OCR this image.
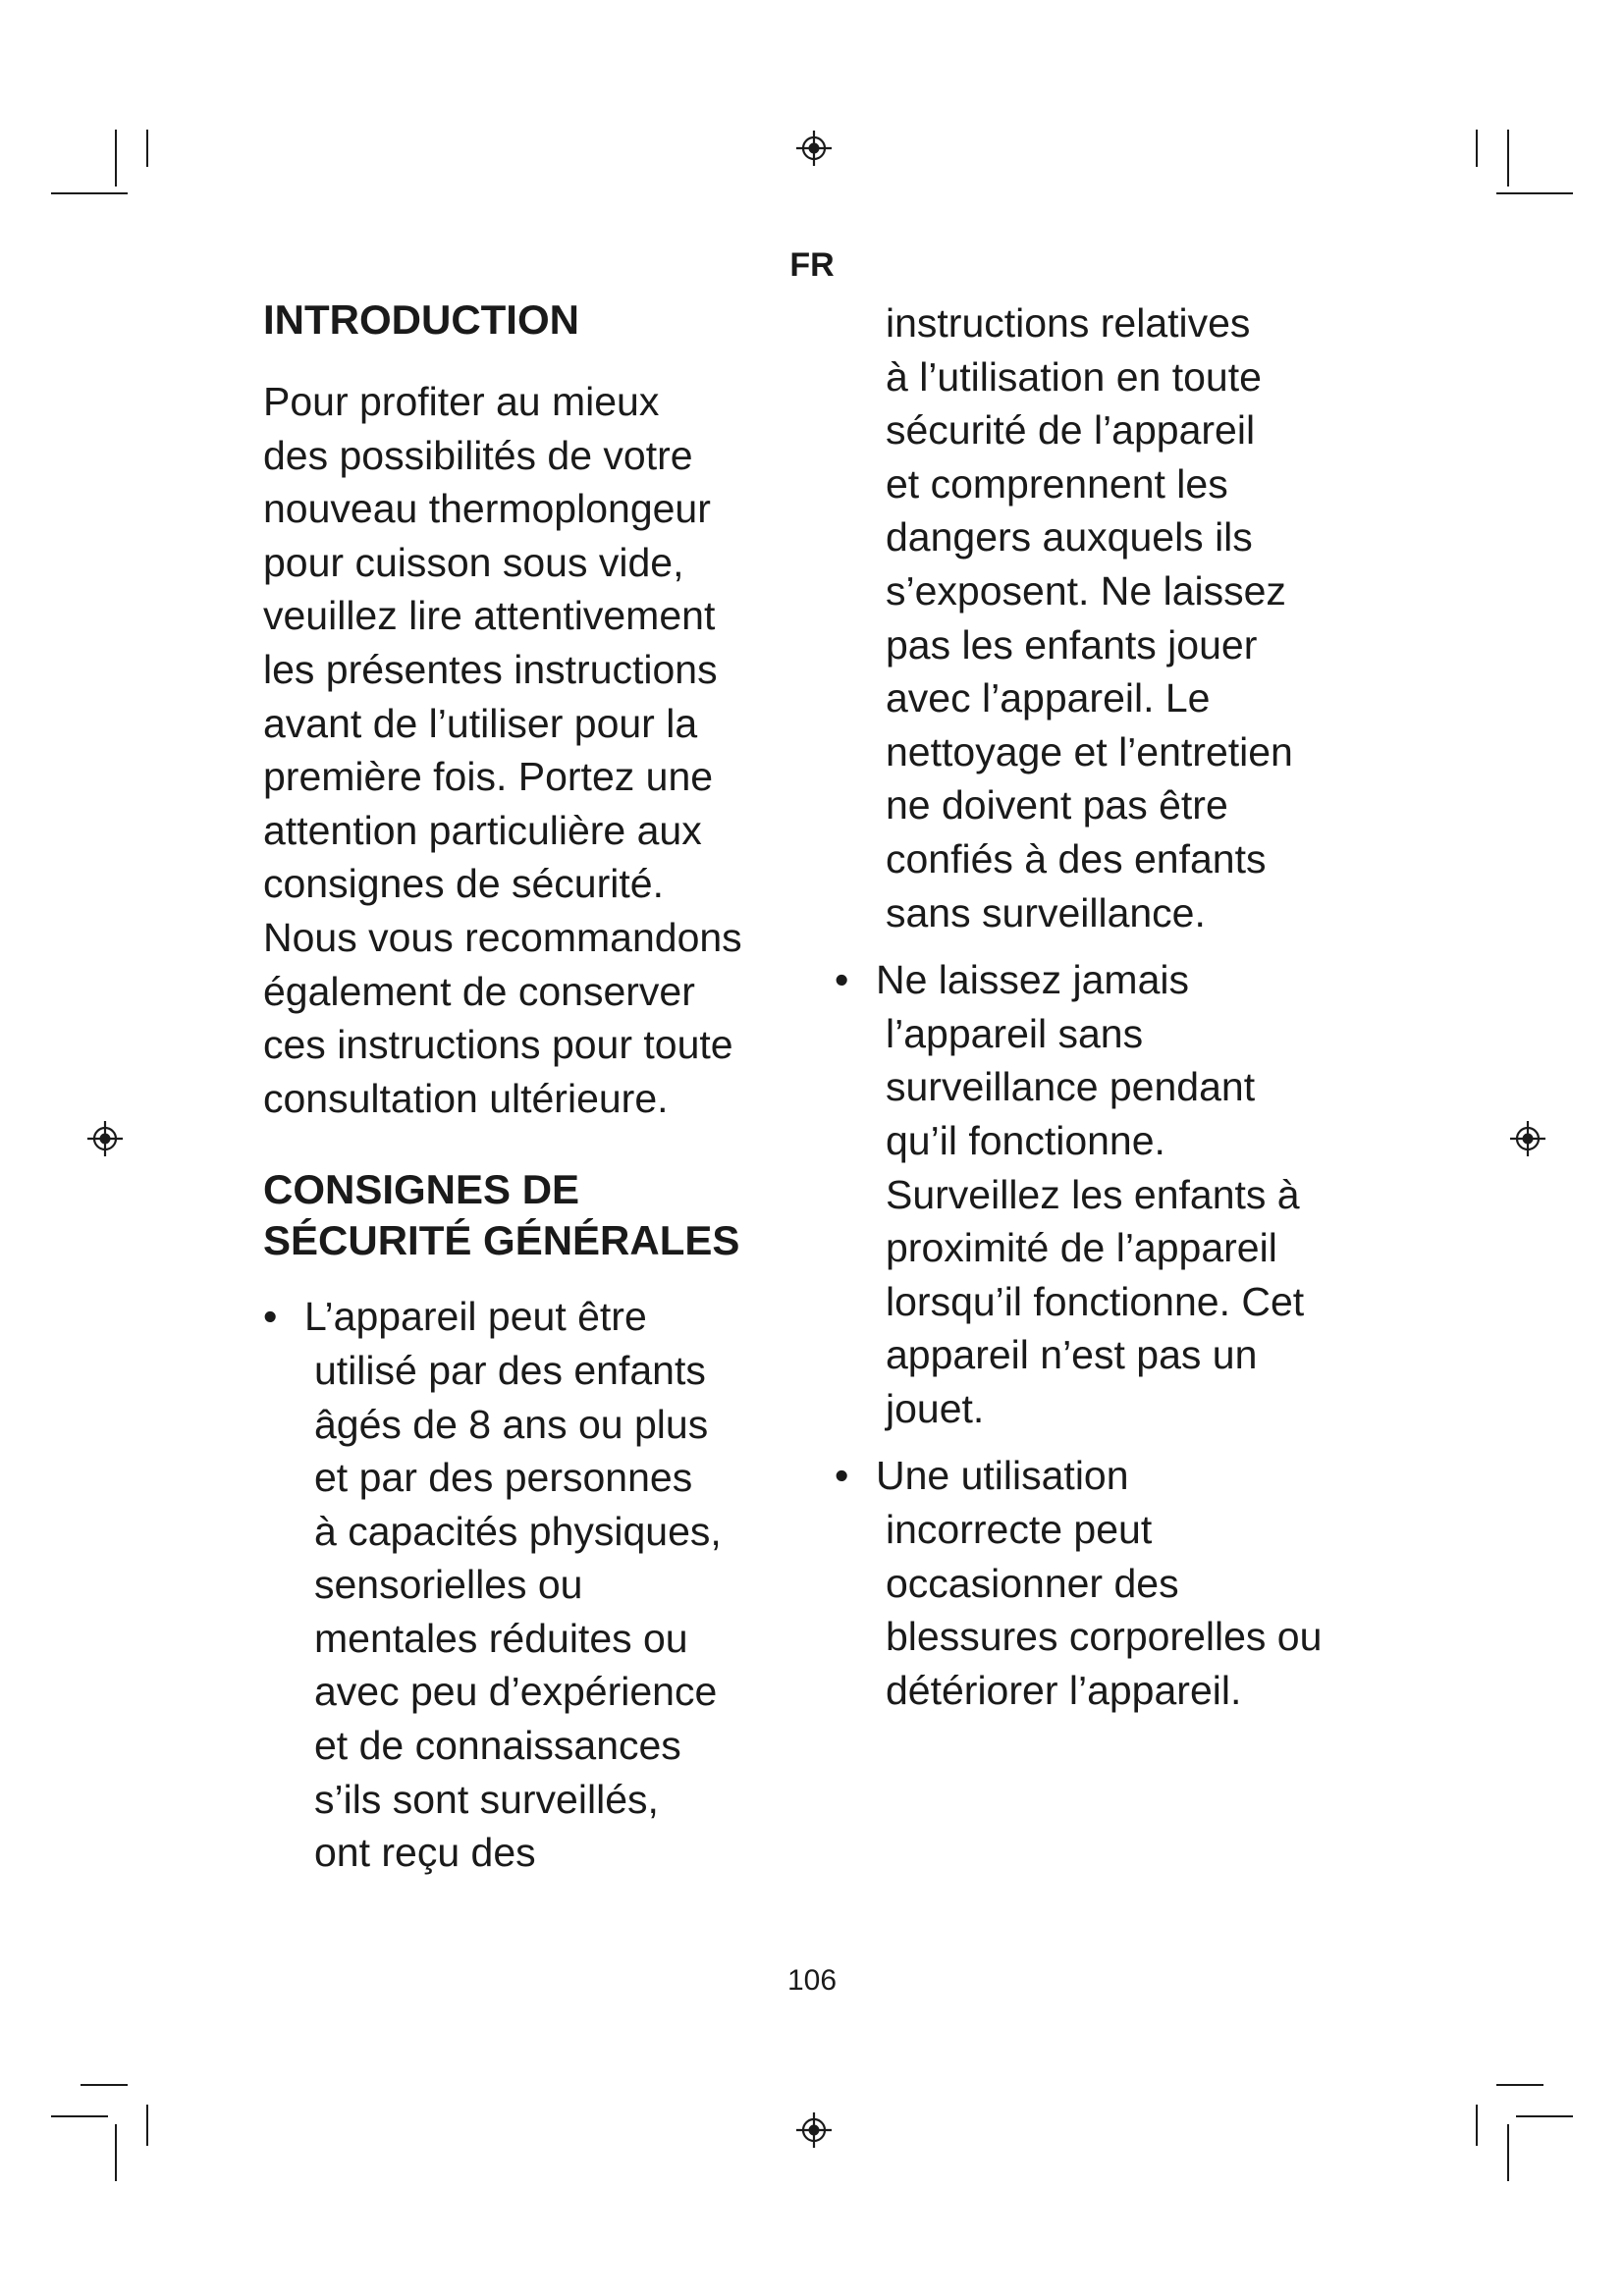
FR
INTRODUCTION
Pour profiter au mieux
des possibilités de votre
nouveau thermoplongeur
pour cuisson sous vide,
veuillez lire attentivement
les présentes instructions
avant de l’utiliser pour la
première fois. Portez une
attention particulière aux
consignes de sécurité.
Nous vous recommandons
également de conserver
ces instructions pour toute
consultation ultérieure.
CONSIGNES DE
SÉCURITÉ GÉNÉRALES
• L’appareil peut être
utilisé par des enfants
âgés de 8 ans ou plus
et par des personnes
à capacités physiques,
sensorielles ou
mentales réduites ou
avec peu d’expérience
et de connaissances
s’ils sont surveillés,
ont reçu des
instructions relatives
à l’utilisation en toute
sécurité de l’appareil
et comprennent les
dangers auxquels ils
s’exposent. Ne laissez
pas les enfants jouer
avec l’appareil. Le
nettoyage et l’entretien
ne doivent pas être
confiés à des enfants
sans surveillance.
• Ne laissez jamais
l’appareil sans
surveillance pendant
qu’il fonctionne.
Surveillez les enfants à
proximité de l’appareil
lorsqu’il fonctionne. Cet
appareil n’est pas un
jouet.
• Une utilisation
incorrecte peut
occasionner des
blessures corporelles ou
détériorer l’appareil.
106
